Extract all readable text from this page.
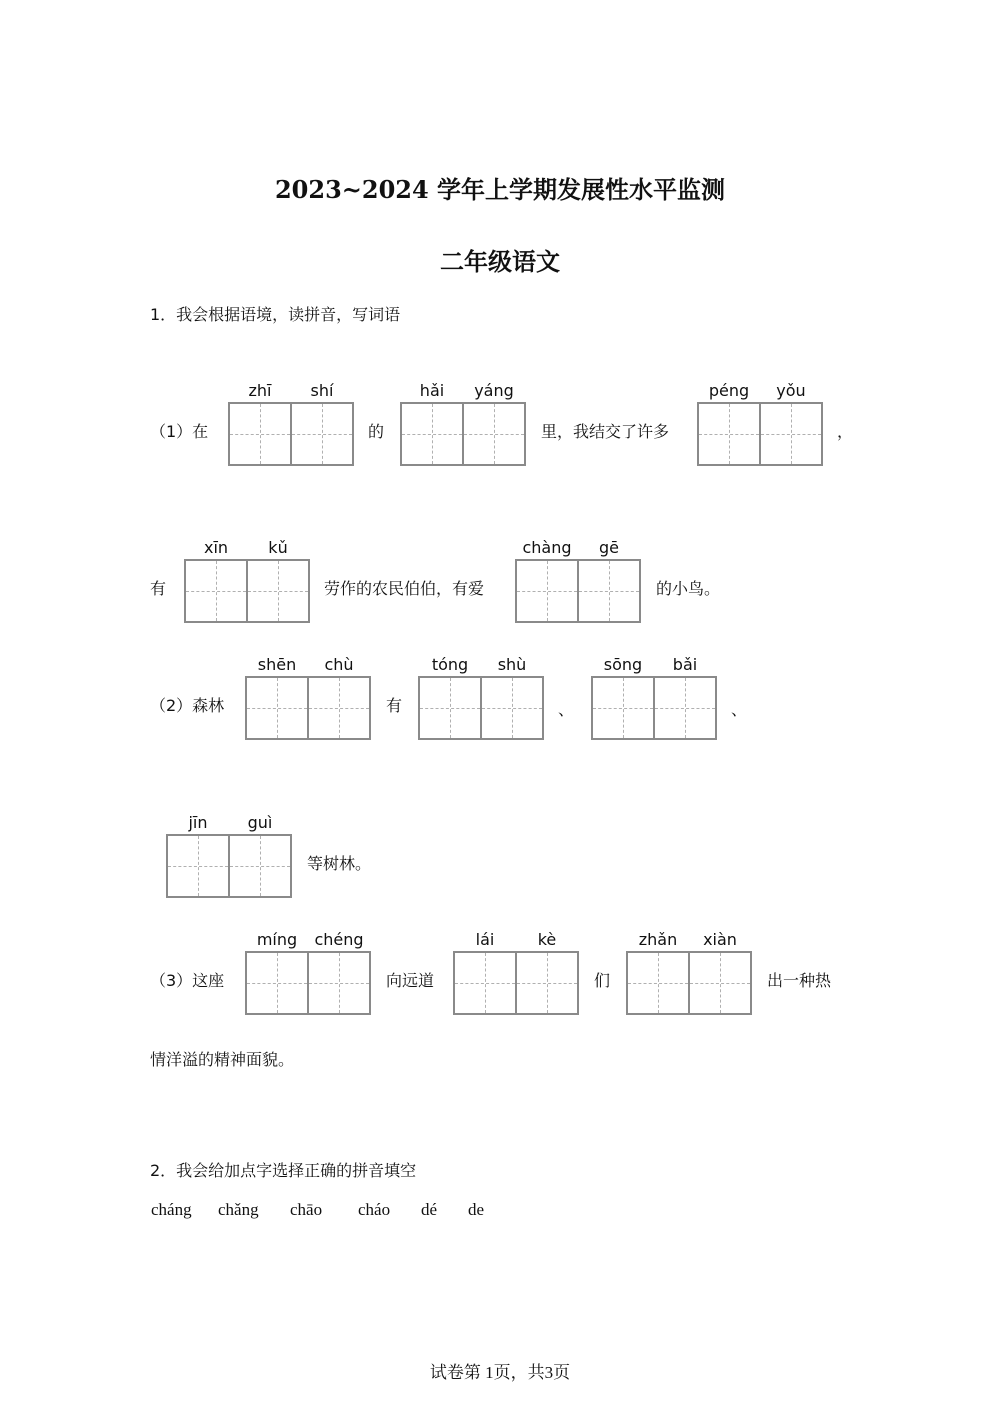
2023~2024 学年上学期发展性水平监测
二年级语文
1．我会根据语境，读拼音，写词语
（1）在
zhī	shí
的
hǎi	yáng
里，我结交了许多
péng	yǒu
，
有
xīn	kǔ
劳作的农民伯伯，有爱
chàng	gē
的小鸟。
（2）森林
shēn	chù
有
tóng	shù
、
sōng	bǎi
、
jīn	guì
等树林。
（3）这座
míng	chéng
向远道
lái	kè
们
zhǎn	xiàn
出一种热
情洋溢的精神面貌。
2．我会给加点字选择正确的拼音填空
cháng chǎng chāo cháo dé de
试卷第 1页，共3页
